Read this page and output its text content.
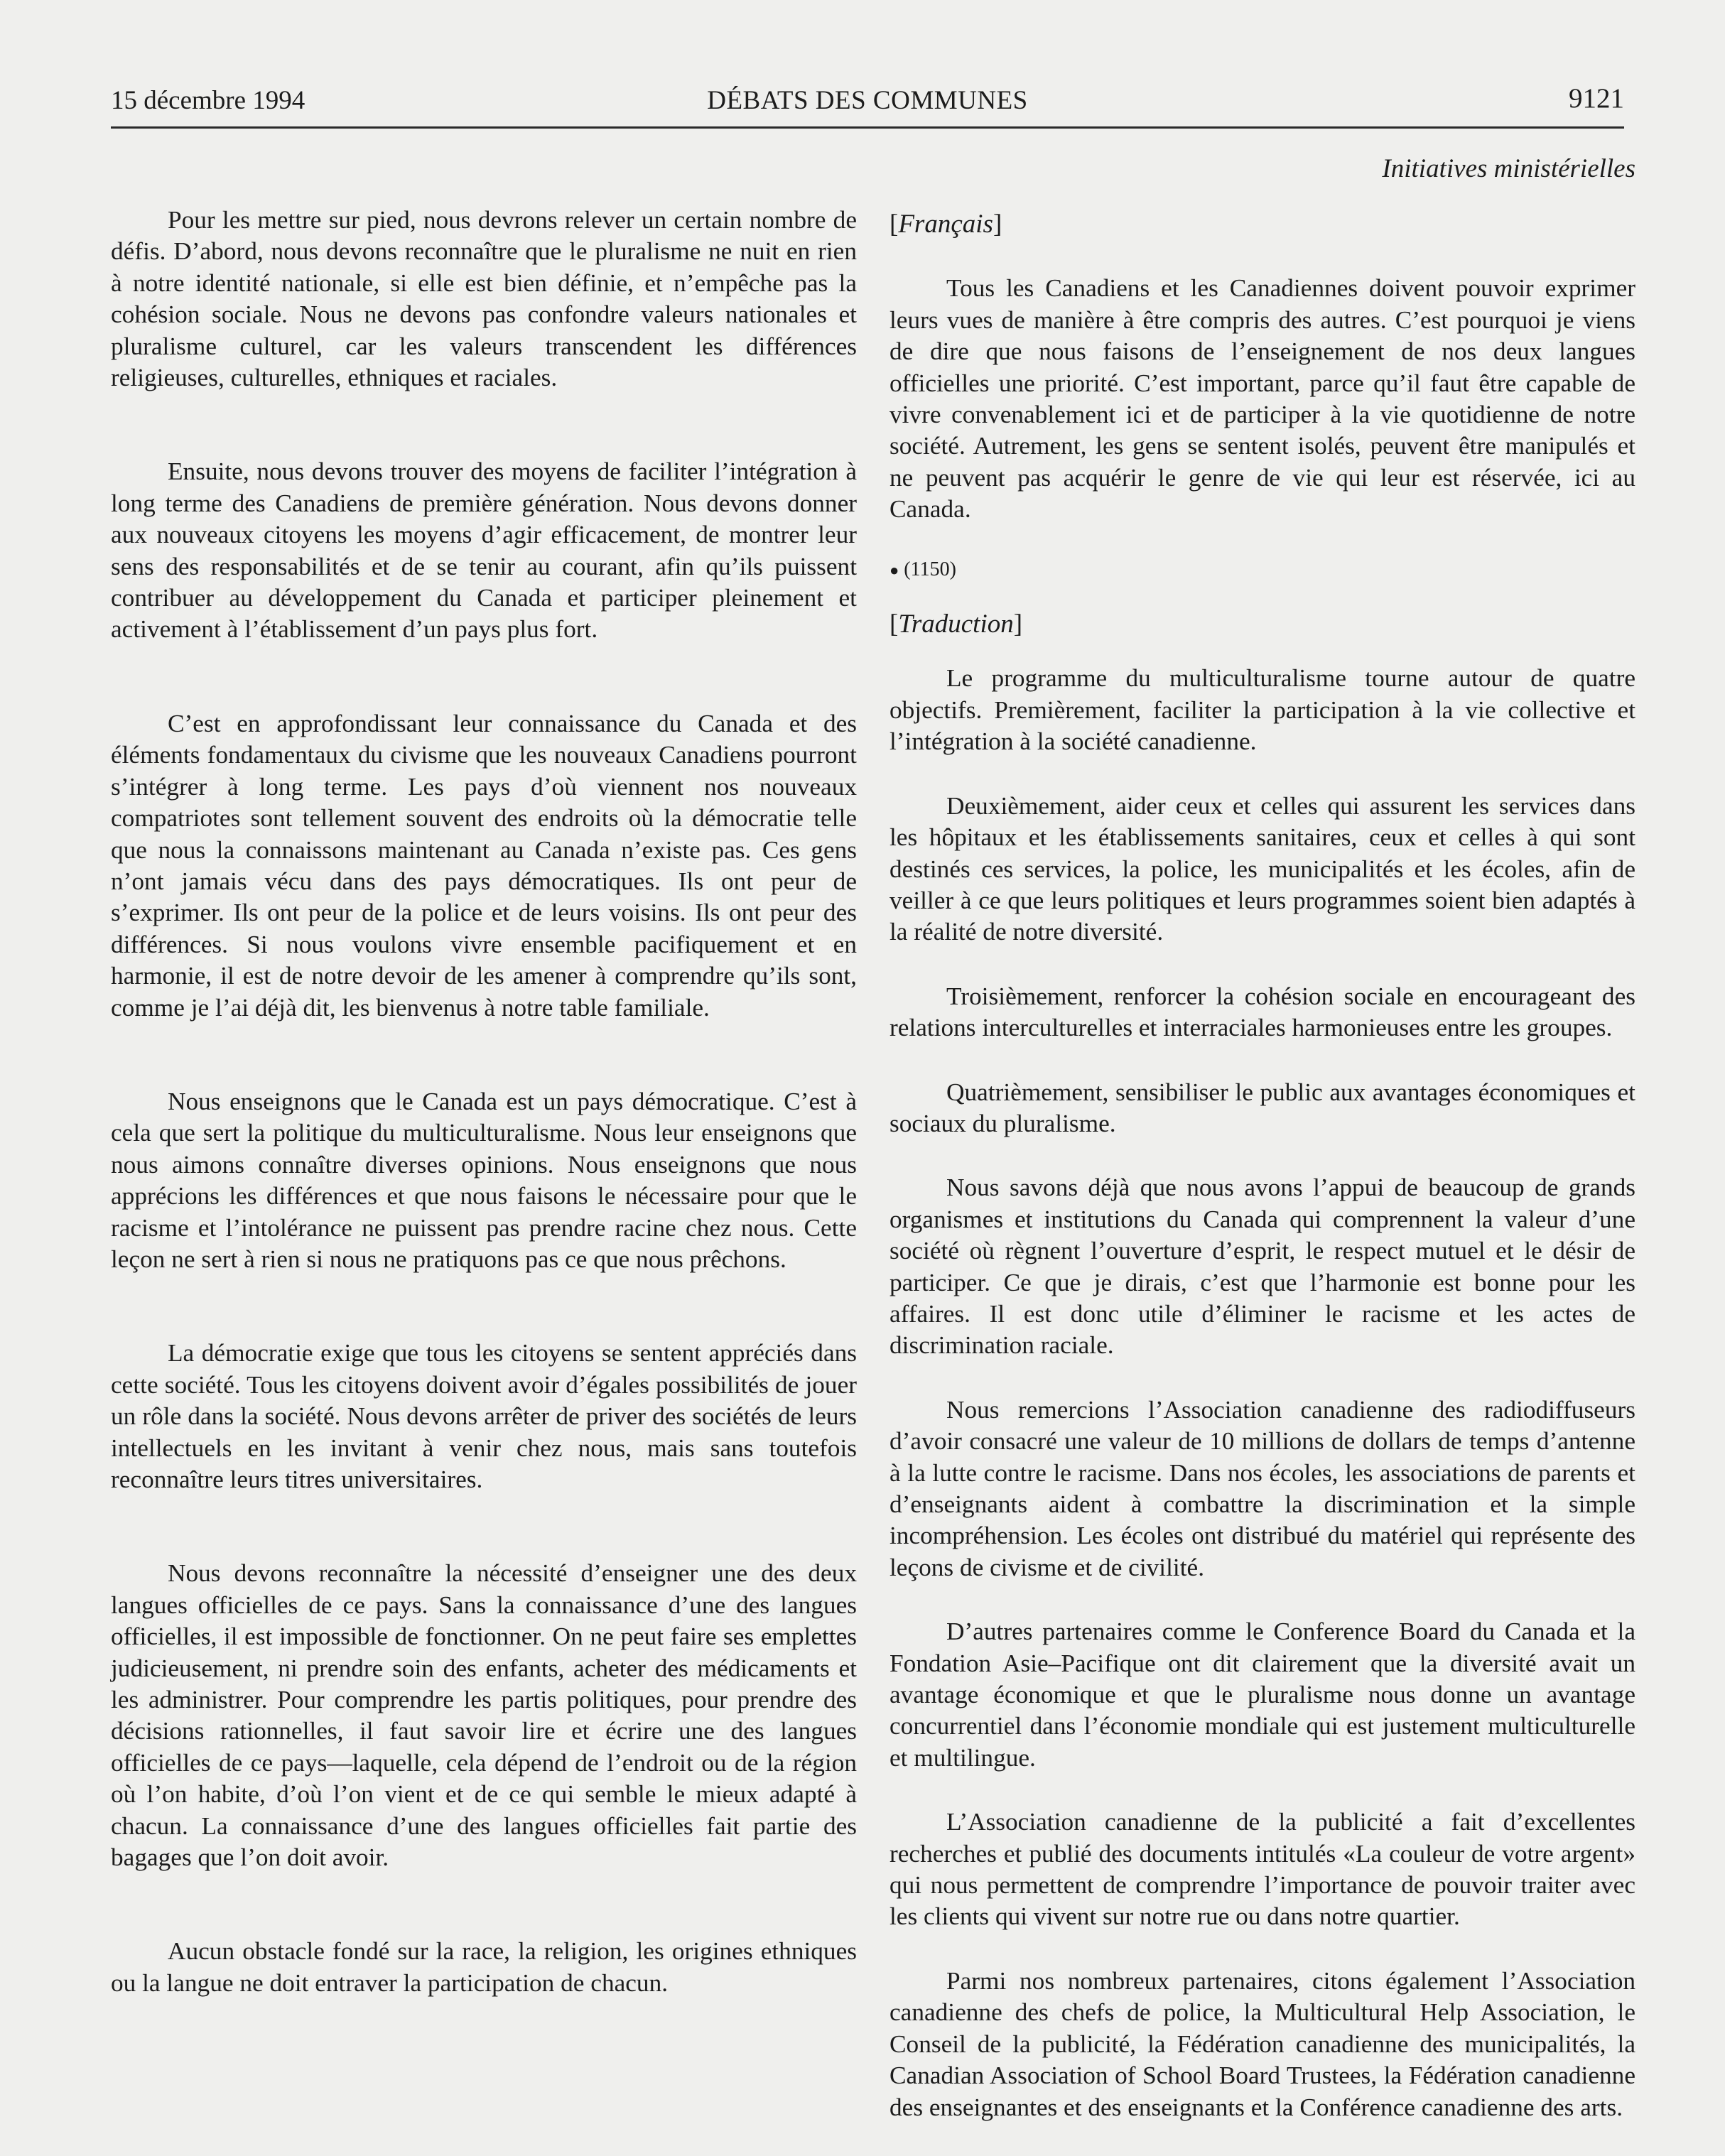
15 décembre 1994	DÉBATS DES COMMUNES	9121
Initiatives ministérielles

Pour les mettre sur pied, nous devrons relever un certain nombre de défis. D’abord, nous devons reconnaître que le pluralisme ne nuit en rien à notre identité nationale, si elle est bien définie, et n’empêche pas la cohésion sociale. Nous ne devons pas confondre valeurs nationales et pluralisme culturel, car les valeurs transcendent les différences religieuses, culturelles, ethniques et raciales.

Ensuite, nous devons trouver des moyens de faciliter l’intégration à long terme des Canadiens de première génération. Nous devons donner aux nouveaux citoyens les moyens d’agir efficacement, de montrer leur sens des responsabilités et de se tenir au courant, afin qu’ils puissent contribuer au développement du Canada et participer pleinement et activement à l’établissement d’un pays plus fort.

C’est en approfondissant leur connaissance du Canada et des éléments fondamentaux du civisme que les nouveaux Canadiens pourront s’intégrer à long terme. Les pays d’où viennent nos nouveaux compatriotes sont tellement souvent des endroits où la démocratie telle que nous la connaissons maintenant au Canada n’existe pas. Ces gens n’ont jamais vécu dans des pays démocratiques. Ils ont peur de s’exprimer. Ils ont peur de la police et de leurs voisins. Ils ont peur des différences. Si nous voulons vivre ensemble pacifiquement et en harmonie, il est de notre devoir de les amener à comprendre qu’ils sont, comme je l’ai déjà dit, les bienvenus à notre table familiale.

Nous enseignons que le Canada est un pays démocratique. C’est à cela que sert la politique du multiculturalisme. Nous leur enseignons que nous aimons connaître diverses opinions. Nous enseignons que nous apprécions les différences et que nous faisons le nécessaire pour que le racisme et l’intolérance ne puissent pas prendre racine chez nous. Cette leçon ne sert à rien si nous ne pratiquons pas ce que nous prêchons.

La démocratie exige que tous les citoyens se sentent appréciés dans cette société. Tous les citoyens doivent avoir d’égales possibilités de jouer un rôle dans la société. Nous devons arrêter de priver des sociétés de leurs intellectuels en les invitant à venir chez nous, mais sans toutefois reconnaître leurs titres universitaires.

Nous devons reconnaître la nécessité d’enseigner une des deux langues officielles de ce pays. Sans la connaissance d’une des langues officielles, il est impossible de fonctionner. On ne peut faire ses emplettes judicieusement, ni prendre soin des enfants, acheter des médicaments et les administrer. Pour comprendre les partis politiques, pour prendre des décisions rationnelles, il faut savoir lire et écrire une des langues officielles de ce pays—laquelle, cela dépend de l’endroit ou de la région où l’on habite, d’où l’on vient et de ce qui semble le mieux adapté à chacun. La connaissance d’une des langues officielles fait partie des bagages que l’on doit avoir.

Aucun obstacle fondé sur la race, la religion, les origines ethniques ou la langue ne doit entraver la participation de chacun.

[Français]

Tous les Canadiens et les Canadiennes doivent pouvoir exprimer leurs vues de manière à être compris des autres. C’est pourquoi je viens de dire que nous faisons de l’enseignement de nos deux langues officielles une priorité. C’est important, parce qu’il faut être capable de vivre convenablement ici et de participer à la vie quotidienne de notre société. Autrement, les gens se sentent isolés, peuvent être manipulés et ne peuvent pas acquérir le genre de vie qui leur est réservée, ici au Canada.

● (1150)
[Traduction]

Le programme du multiculturalisme tourne autour de quatre objectifs. Premièrement, faciliter la participation à la vie collective et l’intégration à la société canadienne.

Deuxièmement, aider ceux et celles qui assurent les services dans les hôpitaux et les établissements sanitaires, ceux et celles à qui sont destinés ces services, la police, les municipalités et les écoles, afin de veiller à ce que leurs politiques et leurs programmes soient bien adaptés à la réalité de notre diversité.

Troisièmement, renforcer la cohésion sociale en encourageant des relations interculturelles et interraciales harmonieuses entre les groupes.

Quatrièmement, sensibiliser le public aux avantages économiques et sociaux du pluralisme.

Nous savons déjà que nous avons l’appui de beaucoup de grands organismes et institutions du Canada qui comprennent la valeur d’une société où règnent l’ouverture d’esprit, le respect mutuel et le désir de participer. Ce que je dirais, c’est que l’harmonie est bonne pour les affaires. Il est donc utile d’éliminer le racisme et les actes de discrimination raciale.

Nous remercions l’Association canadienne des radiodiffuseurs d’avoir consacré une valeur de 10 millions de dollars de temps d’antenne à la lutte contre le racisme. Dans nos écoles, les associations de parents et d’enseignants aident à combattre la discrimination et la simple incompréhension. Les écoles ont distribué du matériel qui représente des leçons de civisme et de civilité.

D’autres partenaires comme le Conference Board du Canada et la Fondation Asie–Pacifique ont dit clairement que la diversité avait un avantage économique et que le pluralisme nous donne un avantage concurrentiel dans l’économie mondiale qui est justement multiculturelle et multilingue.

L’Association canadienne de la publicité a fait d’excellentes recherches et publié des documents intitulés «La couleur de votre argent» qui nous permettent de comprendre l’importance de pouvoir traiter avec les clients qui vivent sur notre rue ou dans notre quartier.

Parmi nos nombreux partenaires, citons également l’Association canadienne des chefs de police, la Multicultural Help Association, le Conseil de la publicité, la Fédération canadienne des municipalités, la Canadian Association of School Board Trustees, la Fédération canadienne des enseignantes et des enseignants et la Conférence canadienne des arts.
